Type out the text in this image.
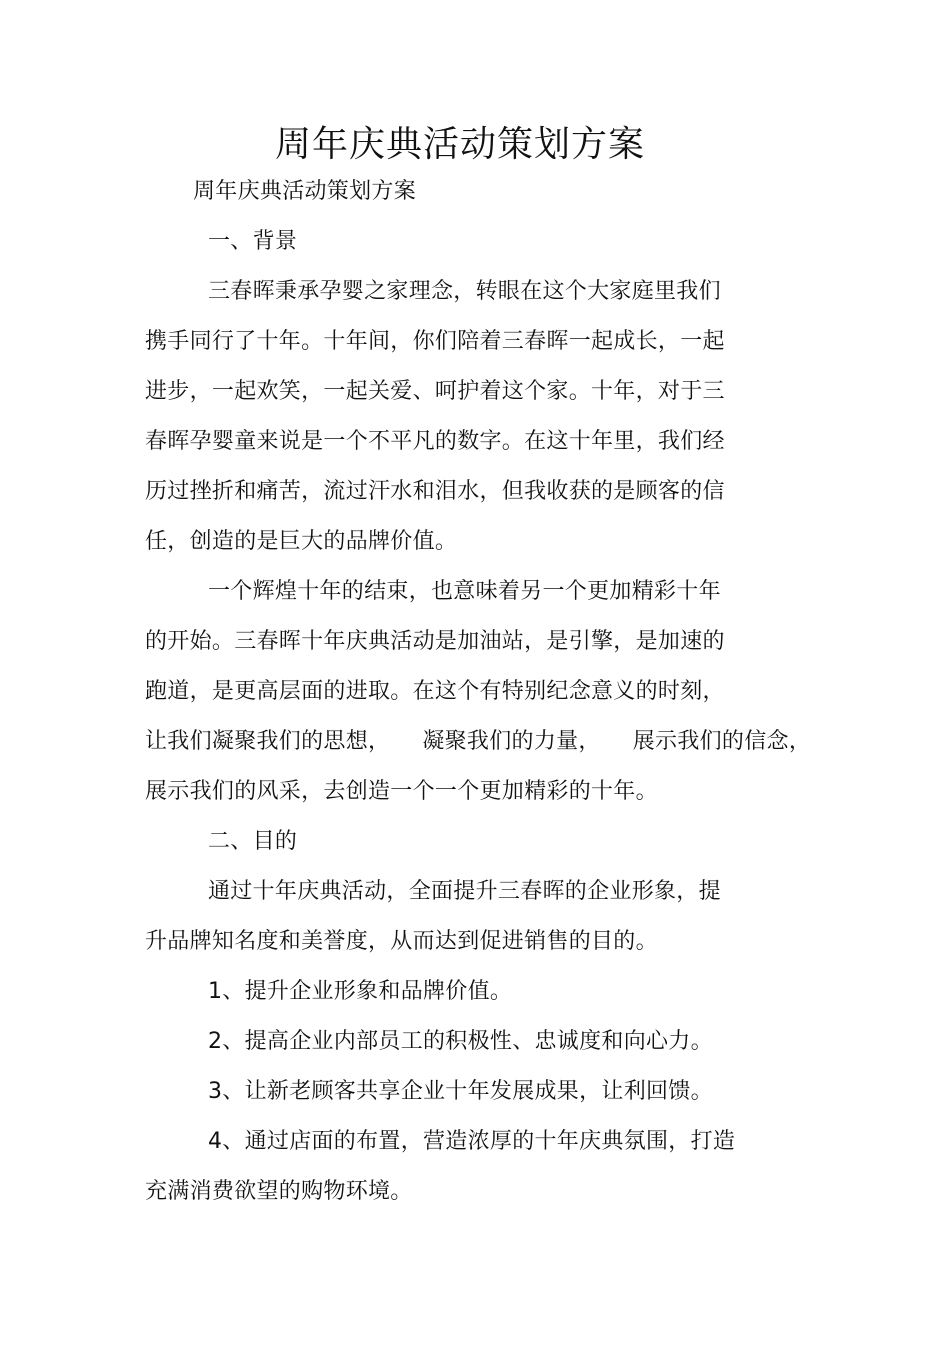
周年庆典活动策划方案
周年庆典活动策划方案
一、背景
三春晖秉承孕婴之家理念，转眼在这个大家庭里我们
携手同行了十年。十年间，你们陪着三春晖一起成长，一起
进步，一起欢笑，一起关爱、呵护着这个家。十年，对于三
春晖孕婴童来说是一个不平凡的数字。在这十年里，我们经
历过挫折和痛苦，流过汗水和泪水，但我收获的是顾客的信
任，创造的是巨大的品牌价值。
一个辉煌十年的结束，也意味着另一个更加精彩十年
的开始。三春晖十年庆典活动是加油站，是引擎，是加速的
跑道，是更高层面的进取。在这个有特别纪念意义的时刻，
让我们凝聚我们的思想， 凝聚我们的力量， 展示我们的信念，
展示我们的风采，去创造一个一个更加精彩的十年。
二、目的
通过十年庆典活动，全面提升三春晖的企业形象，提
升品牌知名度和美誉度，从而达到促进销售的目的。
1、提升企业形象和品牌价值。
2、提高企业内部员工的积极性、忠诚度和向心力。
3、让新老顾客共享企业十年发展成果，让利回馈。
4、通过店面的布置，营造浓厚的十年庆典氛围，打造
充满消费欲望的购物环境。
